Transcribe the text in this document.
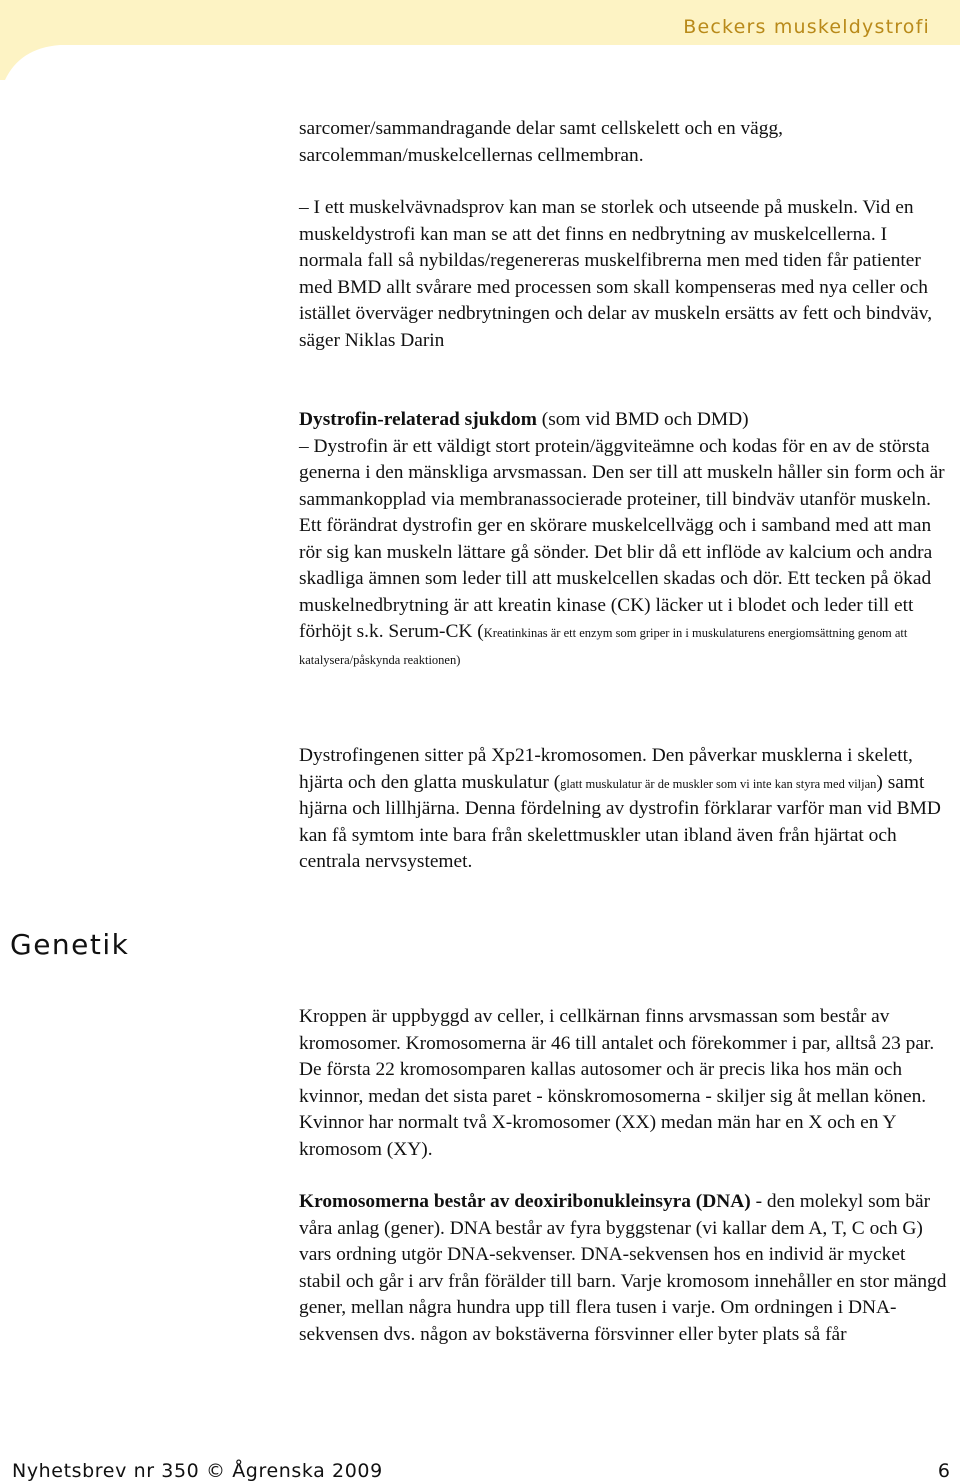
Beckers muskeldystrofi

sarcomer/sammandragande delar samt cellskelett och en vägg, sarcolemman/muskelcellernas cellmembran.

– I ett muskelvävnadsprov kan man se storlek och utseende på muskeln. Vid en muskeldystrofi kan man se att det finns en nedbrytning av muskelcellerna. I normala fall så nybildas/regenereras muskelfibrerna men med tiden får patienter med BMD allt svårare med processen som skall kompenseras med nya celler och istället överväger nedbrytningen och delar av muskeln ersätts av fett och bindväv, säger Niklas Darin

Dystrofin-relaterad sjukdom (som vid BMD och DMD)
– Dystrofin är ett väldigt stort protein/äggviteämne och kodas för en av de största generna i den mänskliga arvsmassan. Den ser till att muskeln håller sin form och är sammankopplad via membranassocierade proteiner, till bindväv utanför muskeln. Ett förändrat dystrofin ger en skörare muskelcellvägg och i samband med att man rör sig kan muskeln lättare gå sönder. Det blir då ett inflöde av kalcium och andra skadliga ämnen som leder till att muskelcellen skadas och dör. Ett tecken på ökad muskelnedbrytning är att kreatin kinase (CK) läcker ut i blodet och leder till ett förhöjt s.k. Serum-CK (Kreatinkinas är ett enzym som griper in i muskulaturens energiomsättning genom att katalysera/påskynda reaktionen)

Dystrofingenen sitter på Xp21-kromosomen. Den påverkar musklerna i skelett, hjärta och den glatta muskulatur (glatt muskulatur är de muskler som vi inte kan styra med viljan) samt hjärna och lillhjärna. Denna fördelning av dystrofin förklarar varför man vid BMD kan få symtom inte bara från skelettmuskler utan ibland även från hjärtat och centrala nervsystemet.

Genetik

Kroppen är uppbyggd av celler, i cellkärnan finns arvsmassan som består av kromosomer. Kromosomerna är 46 till antalet och förekommer i par, alltså 23 par. De första 22 kromosomparen kallas autosomer och är precis lika hos män och kvinnor, medan det sista paret - könskromosomerna - skiljer sig åt mellan könen. Kvinnor har normalt två X-kromosomer (XX) medan män har en X och en Y kromosom (XY).

Kromosomerna består av deoxiribonukleinsyra (DNA) - den molekyl som bär våra anlag (gener). DNA består av fyra byggstenar (vi kallar dem A, T, C och G) vars ordning utgör DNA-sekvenser. DNA-sekvensen hos en individ är mycket stabil och går i arv från förälder till barn. Varje kromosom innehåller en stor mängd gener, mellan några hundra upp till flera tusen i varje. Om ordningen i DNA-sekvensen dvs. någon av bokstäverna försvinner eller byter plats så får

Nyhetsbrev nr 350 © Ågrenska 2009	6
